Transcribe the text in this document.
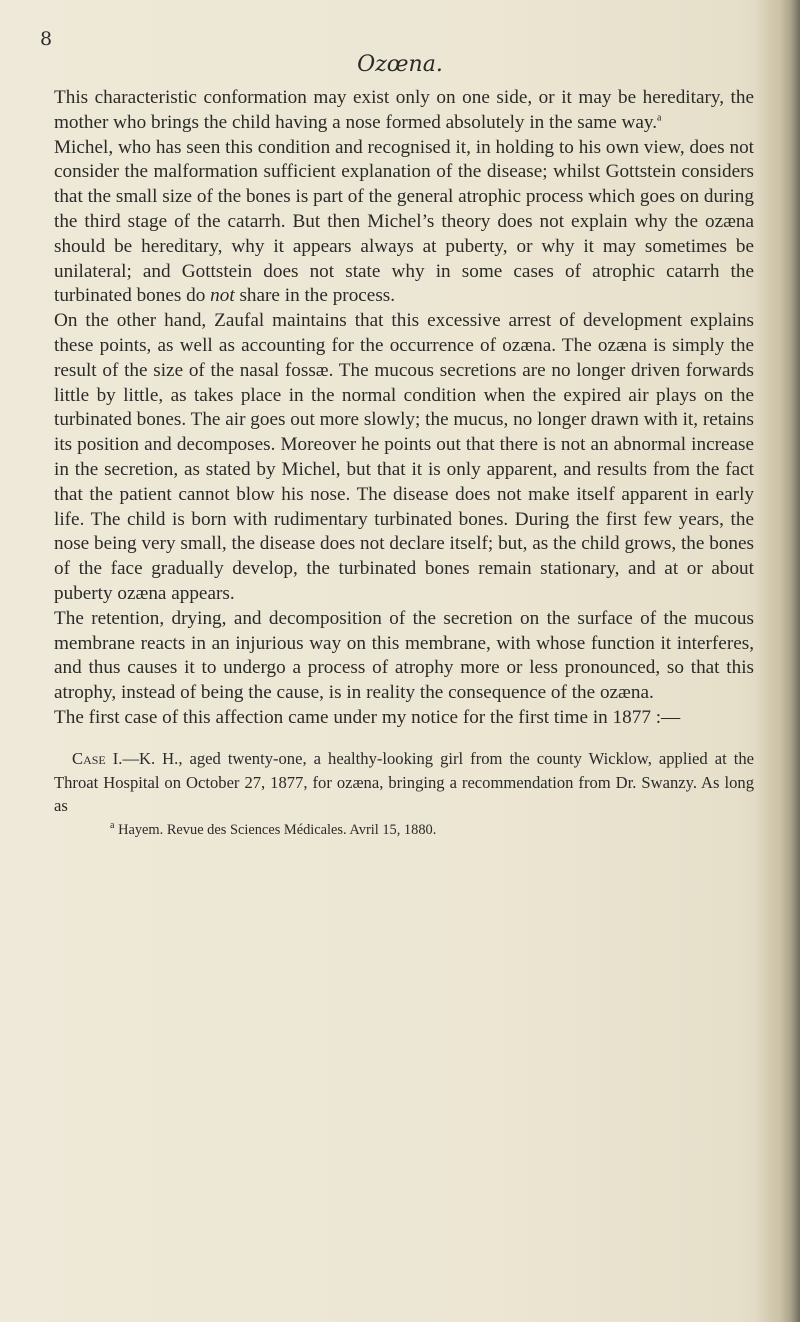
8

Ozœna.

This characteristic conformation may exist only on one side, or it may be hereditary, the mother who brings the child having a nose formed absolutely in the same way.$^a$

Michel, who has seen this condition and recognised it, in holding to his own view, does not consider the malformation sufficient explanation of the disease; whilst Gottstein considers that the small size of the bones is part of the general atrophic process which goes on during the third stage of the catarrh. But then Michel’s theory does not explain why the ozæna should be hereditary, why it appears always at puberty, or why it may sometimes be unilateral; and Gottstein does not state why in some cases of atrophic catarrh the turbinated bones do not share in the process.

On the other hand, Zaufal maintains that this excessive arrest of development explains these points, as well as accounting for the occurrence of ozæna. The ozæna is simply the result of the size of the nasal fossæ. The mucous secretions are no longer driven forwards little by little, as takes place in the normal condition when the expired air plays on the turbinated bones. The air goes out more slowly; the mucus, no longer drawn with it, retains its position and decomposes. Moreover he points out that there is not an abnormal increase in the secretion, as stated by Michel, but that it is only apparent, and results from the fact that the patient cannot blow his nose. The disease does not make itself apparent in early life. The child is born with rudimentary turbinated bones. During the first few years, the nose being very small, the disease does not declare itself; but, as the child grows, the bones of the face gradually develop, the turbinated bones remain stationary, and at or about puberty ozæna appears.

The retention, drying, and decomposition of the secretion on the surface of the mucous membrane reacts in an injurious way on this membrane, with whose function it interferes, and thus causes it to undergo a process of atrophy more or less pronounced, so that this atrophy, instead of being the cause, is in reality the consequence of the ozæna.

The first case of this affection came under my notice for the first time in 1877 :—

Case I.—K. H., aged twenty-one, a healthy-looking girl from the county Wicklow, applied at the Throat Hospital on October 27, 1877, for ozæna, bringing a recommendation from Dr. Swanzy. As long as

$^a$ Hayem. Revue des Sciences Médicales. Avril 15, 1880.
